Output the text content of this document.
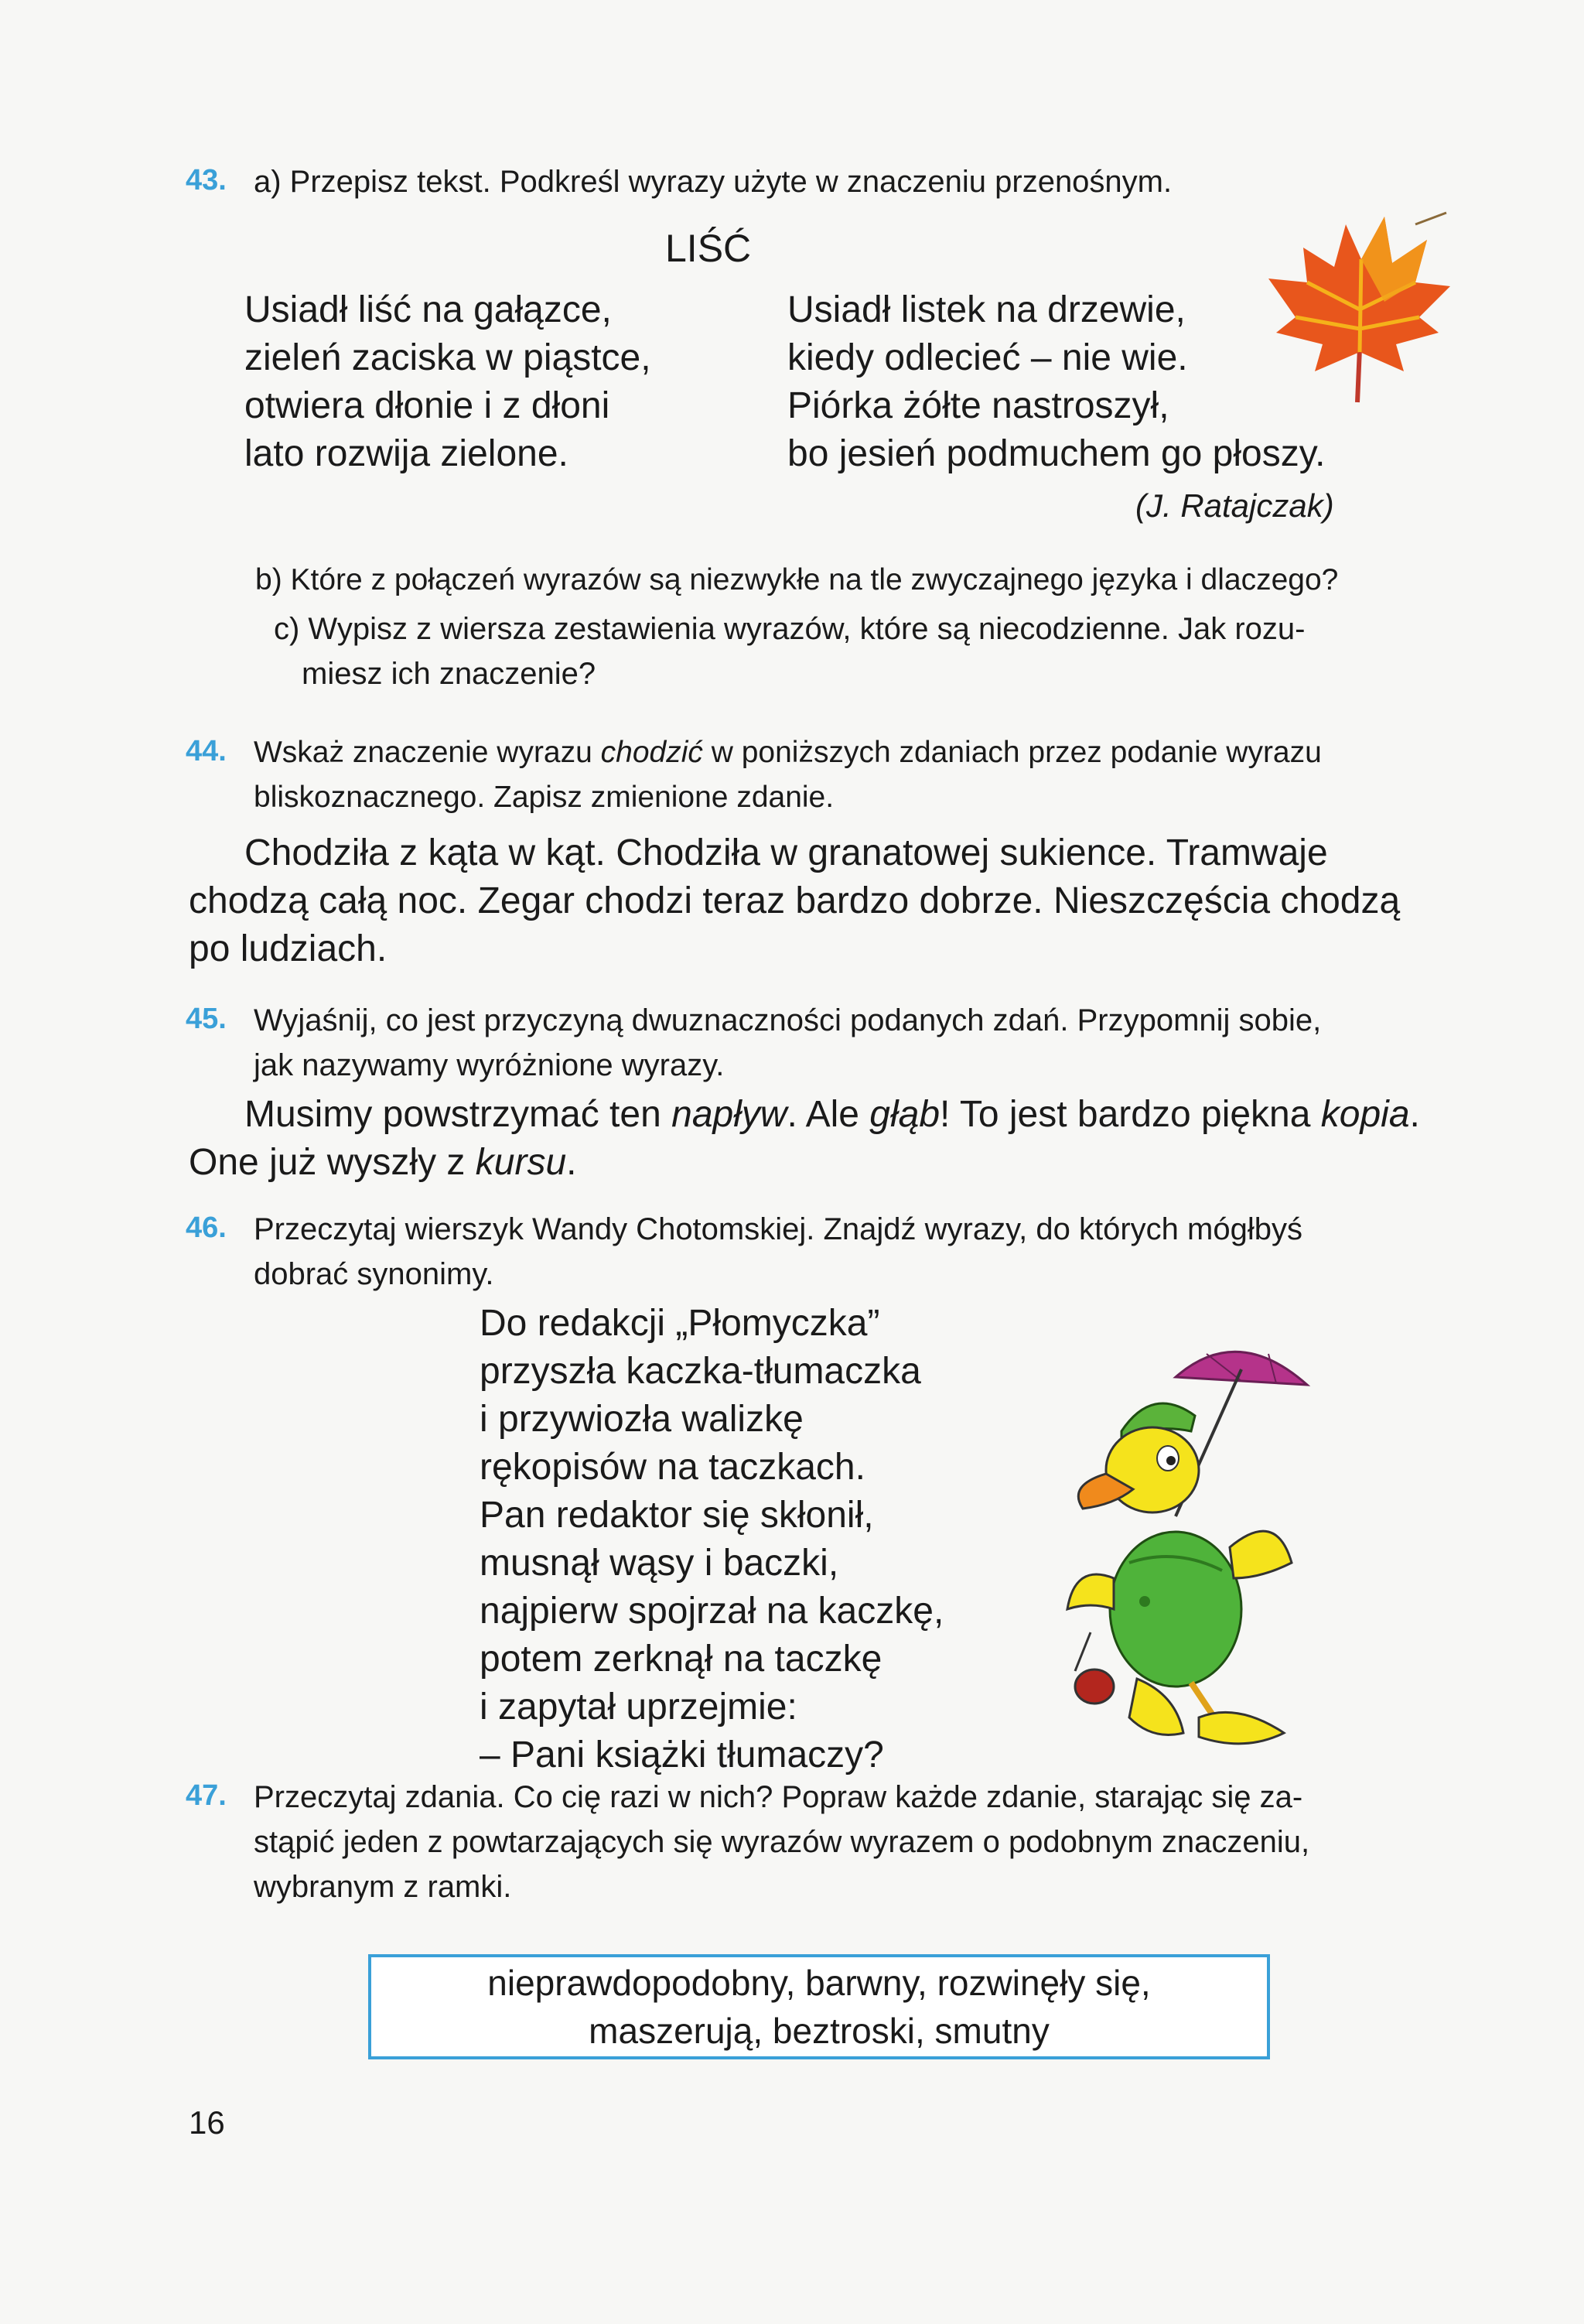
43. a) Przepisz tekst. Podkreśl wyrazy użyte w znaczeniu przenośnym.
LIŚĆ
Usiadł liść na gałązce,
zieleń zaciska w piąstce,
otwiera dłonie i z dłoni
lato rozwija zielone.
Usiadł listek na drzewie,
kiedy odlecieć – nie wie.
Piórka żółte nastroszył,
bo jesień podmuchem go płoszy.
(J. Ratajczak)
b) Które z połączeń wyrazów są niezwykłe na tle zwyczajnego języka i dlaczego?
c) Wypisz z wiersza zestawienia wyrazów, które są niecodzienne. Jak rozu-
miesz ich znaczenie?
44. Wskaż znaczenie wyrazu chodzić w poniższych zdaniach przez podanie wyrazu
bliskoznacznego. Zapisz zmienione zdanie.
Chodziła z kąta w kąt. Chodziła w granatowej sukience. Tramwaje
chodzą całą noc. Zegar chodzi teraz bardzo dobrze. Nieszczęścia chodzą
po ludziach.
45. Wyjaśnij, co jest przyczyną dwuznaczności podanych zdań. Przypomnij sobie,
jak nazywamy wyróżnione wyrazy.
Musimy powstrzymać ten napływ. Ale głąb! To jest bardzo piękna kopia.
One już wyszły z kursu.
46. Przeczytaj wierszyk Wandy Chotomskiej. Znajdź wyrazy, do których mógłbyś
dobrać synonimy.
Do redakcji „Płomyczka”
przyszła kaczka-tłumaczka
i przywiozła walizkę
rękopisów na taczkach.
Pan redaktor się skłonił,
musnął wąsy i baczki,
najpierw spojrzał na kaczkę,
potem zerknął na taczkę
i zapytał uprzejmie:
– Pani książki tłumaczy?
47. Przeczytaj zdania. Co cię razi w nich? Popraw każde zdanie, starając się za-
stąpić jeden z powtarzających się wyrazów wyrazem o podobnym znaczeniu,
wybranym z ramki.
nieprawdopodobny, barwny, rozwinęły się,
maszerują, beztroski, smutny
16
